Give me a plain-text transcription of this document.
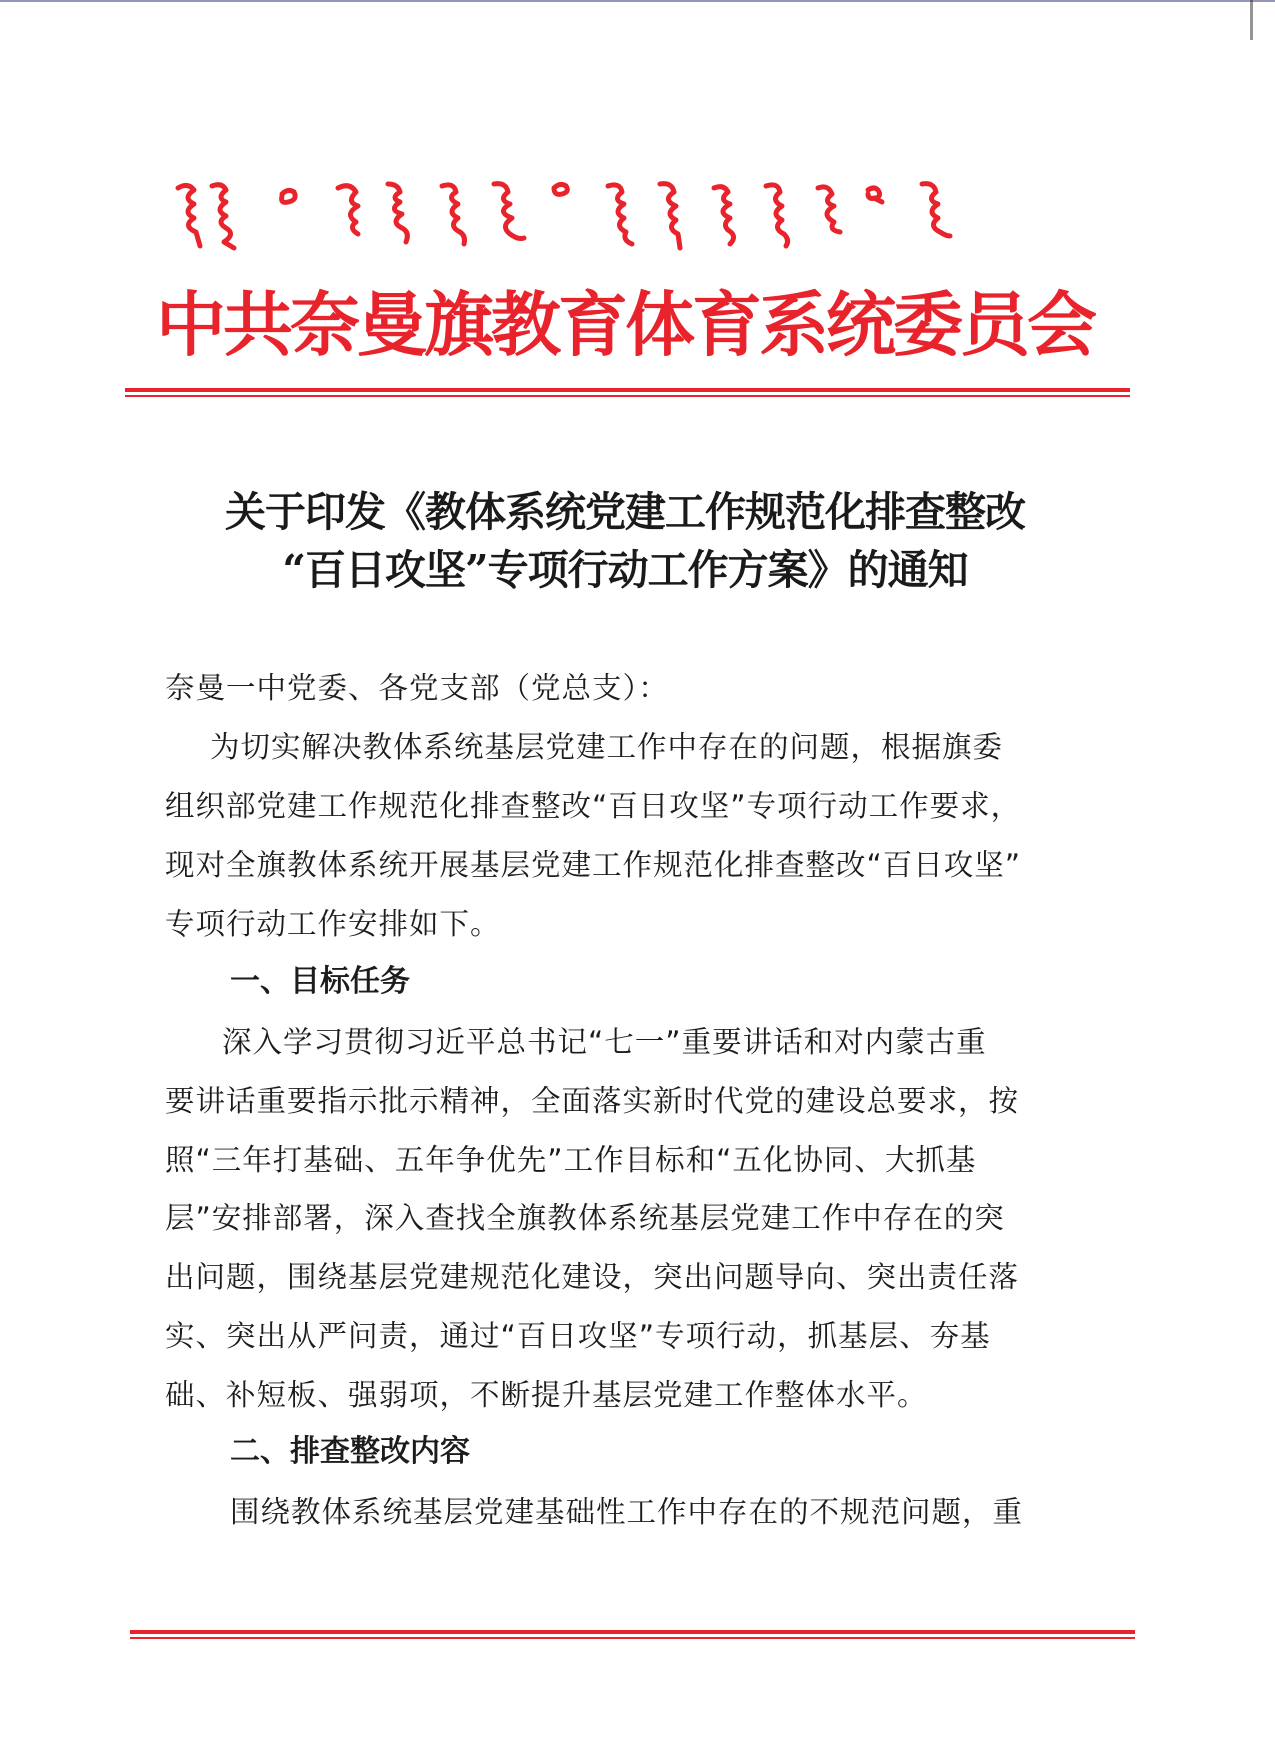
中共奈曼旗教育体育系统委员会
关于印发《教体系统党建工作规范化排查整改
“百日攻坚”专项行动工作方案》的通知
奈曼一中党委、各党支部（党总支）：
为切实解决教体系统基层党建工作中存在的问题，根据旗委
组织部党建工作规范化排查整改“百日攻坚”专项行动工作要求，
现对全旗教体系统开展基层党建工作规范化排查整改“百日攻坚”
专项行动工作安排如下。
一、目标任务
深入学习贯彻习近平总书记“七一”重要讲话和对内蒙古重
要讲话重要指示批示精神，全面落实新时代党的建设总要求，按
照“三年打基础、五年争优先”工作目标和“五化协同、大抓基
层”安排部署，深入查找全旗教体系统基层党建工作中存在的突
出问题，围绕基层党建规范化建设，突出问题导向、突出责任落
实、突出从严问责，通过“百日攻坚”专项行动，抓基层、夯基
础、补短板、强弱项，不断提升基层党建工作整体水平。
二、排查整改内容
围绕教体系统基层党建基础性工作中存在的不规范问题，重
